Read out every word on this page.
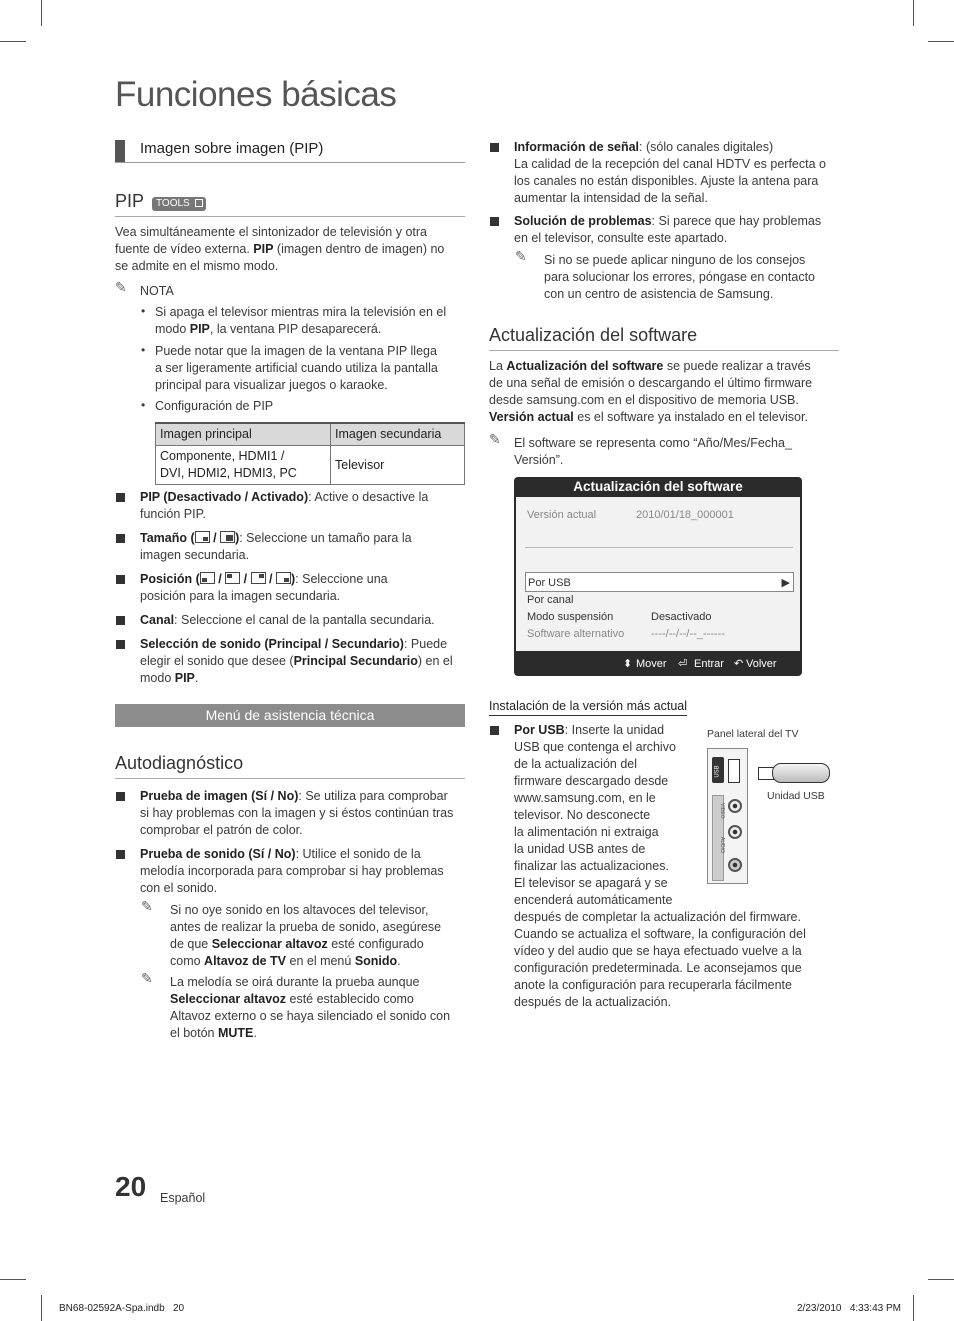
Funciones básicas
Imagen sobre imagen (PIP)
PIP	TOOLS
Vea simultáneamente el sintonizador de televisión y otra
fuente de vídeo externa. PIP (imagen dentro de imagen) no
se admite en el mismo modo.
✎ NOTA
• Si apaga el televisor mientras mira la televisión en el
modo PIP, la ventana PIP desaparecerá.
• Puede notar que la imagen de la ventana PIP llega
a ser ligeramente artificial cuando utiliza la pantalla
principal para visualizar juegos o karaoke.
• Configuración de PIP
Imagen principal	Imagen secundaria

Componente, HDMI1 /
DVI, HDMI2, HDMI3, PC	Televisor
PIP (Desactivado / Activado): Active o desactive la
función PIP.
Tamaño (
/
): Seleccione un tamaño para la
imagen secundaria.
Posición (
/
/
/
): Seleccione una
posición para la imagen secundaria.
Canal: Seleccione el canal de la pantalla secundaria.
Selección de sonido (Principal / Secundario): Puede
elegir el sonido que desee (Principal Secundario) en el
modo PIP.
Menú de asistencia técnica
Autodiagnóstico
Prueba de imagen (Sí / No): Se utiliza para comprobar
si hay problemas con la imagen y si éstos continúan tras
comprobar el patrón de color.
Prueba de sonido (Sí / No): Utilice el sonido de la
melodía incorporada para comprobar si hay problemas
con el sonido.
✎ Si no oye sonido en los altavoces del televisor,
antes de realizar la prueba de sonido, asegúrese
de que Seleccionar altavoz esté configurado
como Altavoz de TV en el menú Sonido.
✎ La melodía se oirá durante la prueba aunque
Seleccionar altavoz esté establecido como
Altavoz externo o se haya silenciado el sonido con
el botón MUTE.
Información de señal: (sólo canales digitales)
La calidad de la recepción del canal HDTV es perfecta o
los canales no están disponibles. Ajuste la antena para
aumentar la intensidad de la señal.
Solución de problemas: Si parece que hay problemas
en el televisor, consulte este apartado.
✎ Si no se puede aplicar ninguno de los consejos
para solucionar los errores, póngase en contacto
con un centro de asistencia de Samsung.
Actualización del software
La Actualización del software se puede realizar a través
de una señal de emisión o descargando el último firmware
desde samsung.com en el dispositivo de memoria USB.
Versión actual es el software ya instalado en el televisor.
✎ El software se representa como “Año/Mes/Fecha_
Versión”.
Actualización del software
Versión actual	2010/01/18_000001
Por USB	▶
Por canal
Modo suspensión	Desactivado
Software alternativo ----/--/--/--_------
⬍ Mover ⏎ Entrar ↶ Volver
Instalación de la versión más actual
Por USB: Inserte la unidad
USB que contenga el archivo
de la actualización del
firmware descargado desde
www.samsung.com, en le
televisor. No desconecte
la alimentación ni extraiga
la unidad USB antes de
finalizar las actualizaciones.
El televisor se apagará y se
encenderá automáticamente
después de completar la actualización del firmware.
Cuando se actualiza el software, la configuración del
vídeo y del audio que se haya efectuado vuelve a la
configuración predeterminada. Le aconsejamos que
anote la configuración para recuperarla fácilmente
después de la actualización.
Panel lateral del TV
USB
VIDEO
AUDIO
Unidad USB
20 Español
BN68-02592A-Spa.indb   20	2/23/2010   4:33:43 PM
